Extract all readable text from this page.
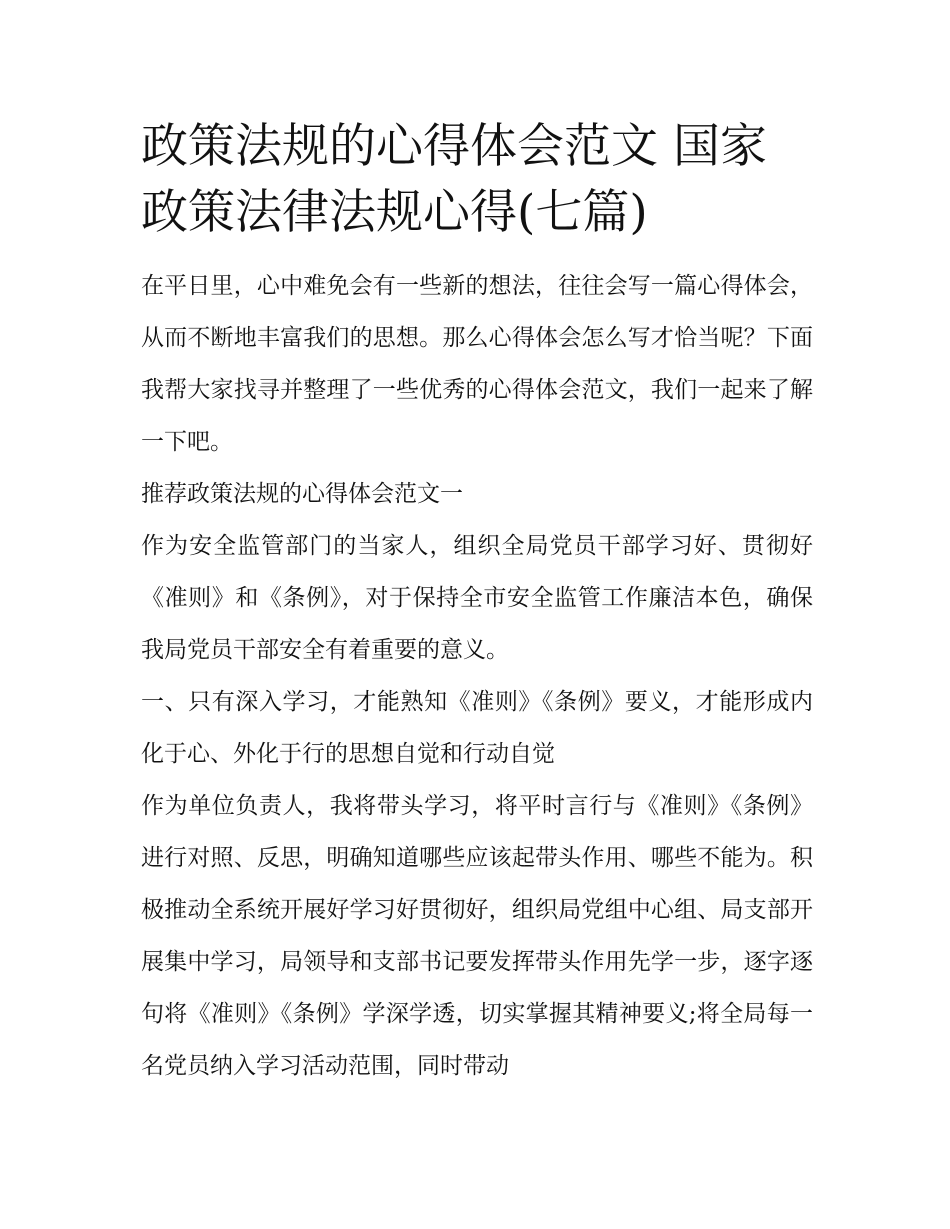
政策法规的心得体会范文 国家政策法律法规心得(七篇)

在平日里，心中难免会有一些新的想法，往往会写一篇心得体会，从而不断地丰富我们的思想。那么心得体会怎么写才恰当呢？下面我帮大家找寻并整理了一些优秀的心得体会范文，我们一起来了解一下吧。

推荐政策法规的心得体会范文一

作为安全监管部门的当家人，组织全局党员干部学习好、贯彻好《准则》和《条例》，对于保持全市安全监管工作廉洁本色，确保我局党员干部安全有着重要的意义。

一、只有深入学习，才能熟知《准则》《条例》要义，才能形成内化于心、外化于行的思想自觉和行动自觉

作为单位负责人，我将带头学习，将平时言行与《准则》《条例》进行对照、反思，明确知道哪些应该起带头作用、哪些不能为。积极推动全系统开展好学习好贯彻好，组织局党组中心组、局支部开展集中学习，局领导和支部书记要发挥带头作用先学一步，逐字逐句将《准则》《条例》学深学透，切实掌握其精神要义;将全局每一名党员纳入学习活动范围，同时带动
